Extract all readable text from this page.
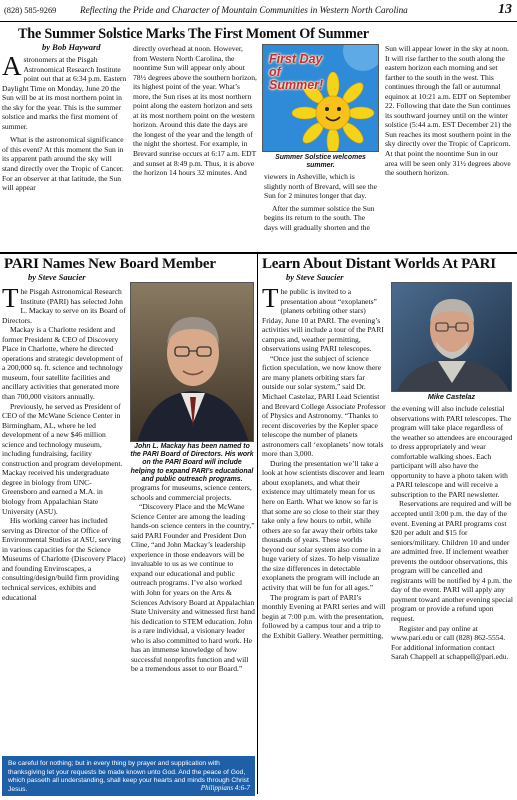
(828) 585-9269	Reflecting the Pride and Character of Mountain Communities in Western North Carolina	13
The Summer Solstice Marks The First Moment Of Summer
by Bob Hayward

Astronomers at the Pisgah Astronomical Research Institute point out that at 6:34 p.m. Eastern Daylight Time on Monday, June 20 the Sun will be at its most northern point in the sky for the year. This is the summer solstice and marks the first moment of summer.

What is the astronomical significance of this event? At this moment the Sun in its apparent path around the sky will stand directly over the Tropic of Cancer. For an observer at that latitude, the Sun will appear

directly overhead at noon. However, from Western North Carolina, the noontime Sun will appear only about 78½ degrees above the southern horizon, its highest point of the year. What’s more, the Sun rises at its most northern point along the eastern horizon and sets at its most northern point on the western horizon. Around this date the days are the longest of the year and the length of the night the shortest. For example, in Brevard sunrise occurs at 6:17 a.m. EDT and sunset at 8:49 p.m. Thus, it is above the horizon 14 hours 32 minutes. And

First Day of Summer!
Summer Solstice welcomes summer.

viewers in Asheville, which is slightly north of Brevard, will see the Sun for 2 minutes longer that day.

After the summer solstice the Sun begins its return to the south. The days will gradually shorten and the

Sun will appear lower in the sky at noon. It will rise farther to the south along the eastern horizon each morning and set farther to the south in the west. This continues through the fall or autumnal equinox at 10:21 a.m. EDT on September 22. Following that date the Sun continues its southward journey until on the winter solstice (5:44 a.m. EST December 21) the Sun reaches its most southern point in the sky directly over the Tropic of Capricorn. At that point the noontime Sun in our area will be seen only 31½ degrees above the southern horizon.

PARI Names New Board Member
by Steve Saucier

The Pisgah Astronomical Research Institute (PARI) has selected John L. Mackay to serve on its Board of Directors.

Mackay is a Charlotte resident and former President & CEO of Discovery Place in Charlotte, where he directed operations and strategic development of a 200,000 sq. ft. science and technology museum, four satellite facilities and ancillary activities that generated more than 700,000 visitors annually.

Previously, he served as President of CEO of the McWane Science Center in Birmingham, AL, where he led development of a new $46 million science and technology museum, including fundraising, facility construction and program development. Mackay received his undergraduate degree in biology from UNC-Greensboro and earned a M.A. in biology from Appalachian State University (ASU).

His working career has included serving as Director of the Office of Environmental Studies at ASU, serving in various capacities for the Science Museums of Charlotte (Discovery Place) and founding Enviroscapes, a consulting/design/build firm providing technical services, exhibits and educational

John L. Mackay has been named to the PARI Board of Directors. His work on the PARI Board will include helping to expand PARI’s educational and public outreach programs.

programs for museums, science centers, schools and commercial projects.

“Discovery Place and the McWane Science Center are among the leading hands-on science centers in the country,” said PARI Founder and President Don Cline, “and John Mackay’s leadership experience in those endeavors will be invaluable to us as we continue to expand our educational and public outreach programs. I’ve also worked with John for years on the Arts & Sciences Advisory Board at Appalachian State University and witnessed first hand his dedication to STEM education. John is a rare individual, a visionary leader who is also committed to hard work. He has an immense knowledge of how successful nonprofits function and will be a tremendous asset to our Board.”

Learn About Distant Worlds At PARI
by Steve Saucier

The public is invited to a presentation about “exoplanets” (planets orbiting other stars) Friday, June 10 at PARI. The evening’s activities will include a tour of the PARI campus and, weather permitting, observations using PARI telescopes.

“Once just the subject of science fiction speculation, we now know there are many planets orbiting stars far outside our solar system,” said Dr. Michael Castelaz, PARI Lead Scientist and Brevard College Associate Professor of Physics and Astronomy. “Thanks to recent discoveries by the Kepler space telescope the number of planets astronomers call ‘exoplanets’ now totals more than 3,000.

During the presentation we’ll take a look at how scientists discover and learn about exoplanets, and what their existence may ultimately mean for us here on Earth. What we know so far is that some are so close to their star they take only a few hours to orbit, while others are so far away their orbits take thousands of years. These worlds beyond our solar system also come in a huge variety of sizes. To help visualize the size differences in detectable exoplanets the program will include an activity that will be fun for all ages.”

The program is part of PARI’s monthly Evening at PARI series and will begin at 7:00 p.m. with the presentation, followed by a campus tour and a trip to the Exhibit Gallery. Weather permitting,

Mike Castelaz

the evening will also include celestial observations with PARI telescopes. The program will take place regardless of the weather so attendees are encouraged to dress appropriately and wear comfortable walking shoes. Each participant will also have the opportunity to have a photo taken with a PARI telescope and will receive a subscription to the PARI newsletter.

Reservations are required and will be accepted until 3:00 p.m. the day of the event. Evening at PARI programs cost $20 per adult and $15 for seniors/military. Children 10 and under are admitted free. If inclement weather prevents the outdoor observations, this program will be cancelled and registrants will be notified by 4 p.m. the day of the event. PARI will apply any payment toward another evening special program or provide a refund upon request.

Register and pay online at www.pari.edu or call (828) 862-5554. For additional information contact Sarah Chappell at schappell@pari.edu.

Be careful for nothing; but in every thing by prayer and supplication with thanksgiving let your requests be made known unto God. And the peace of God, which passeth all understanding, shall keep your hearts and minds through Christ Jesus.	Philippians 4:6-7
